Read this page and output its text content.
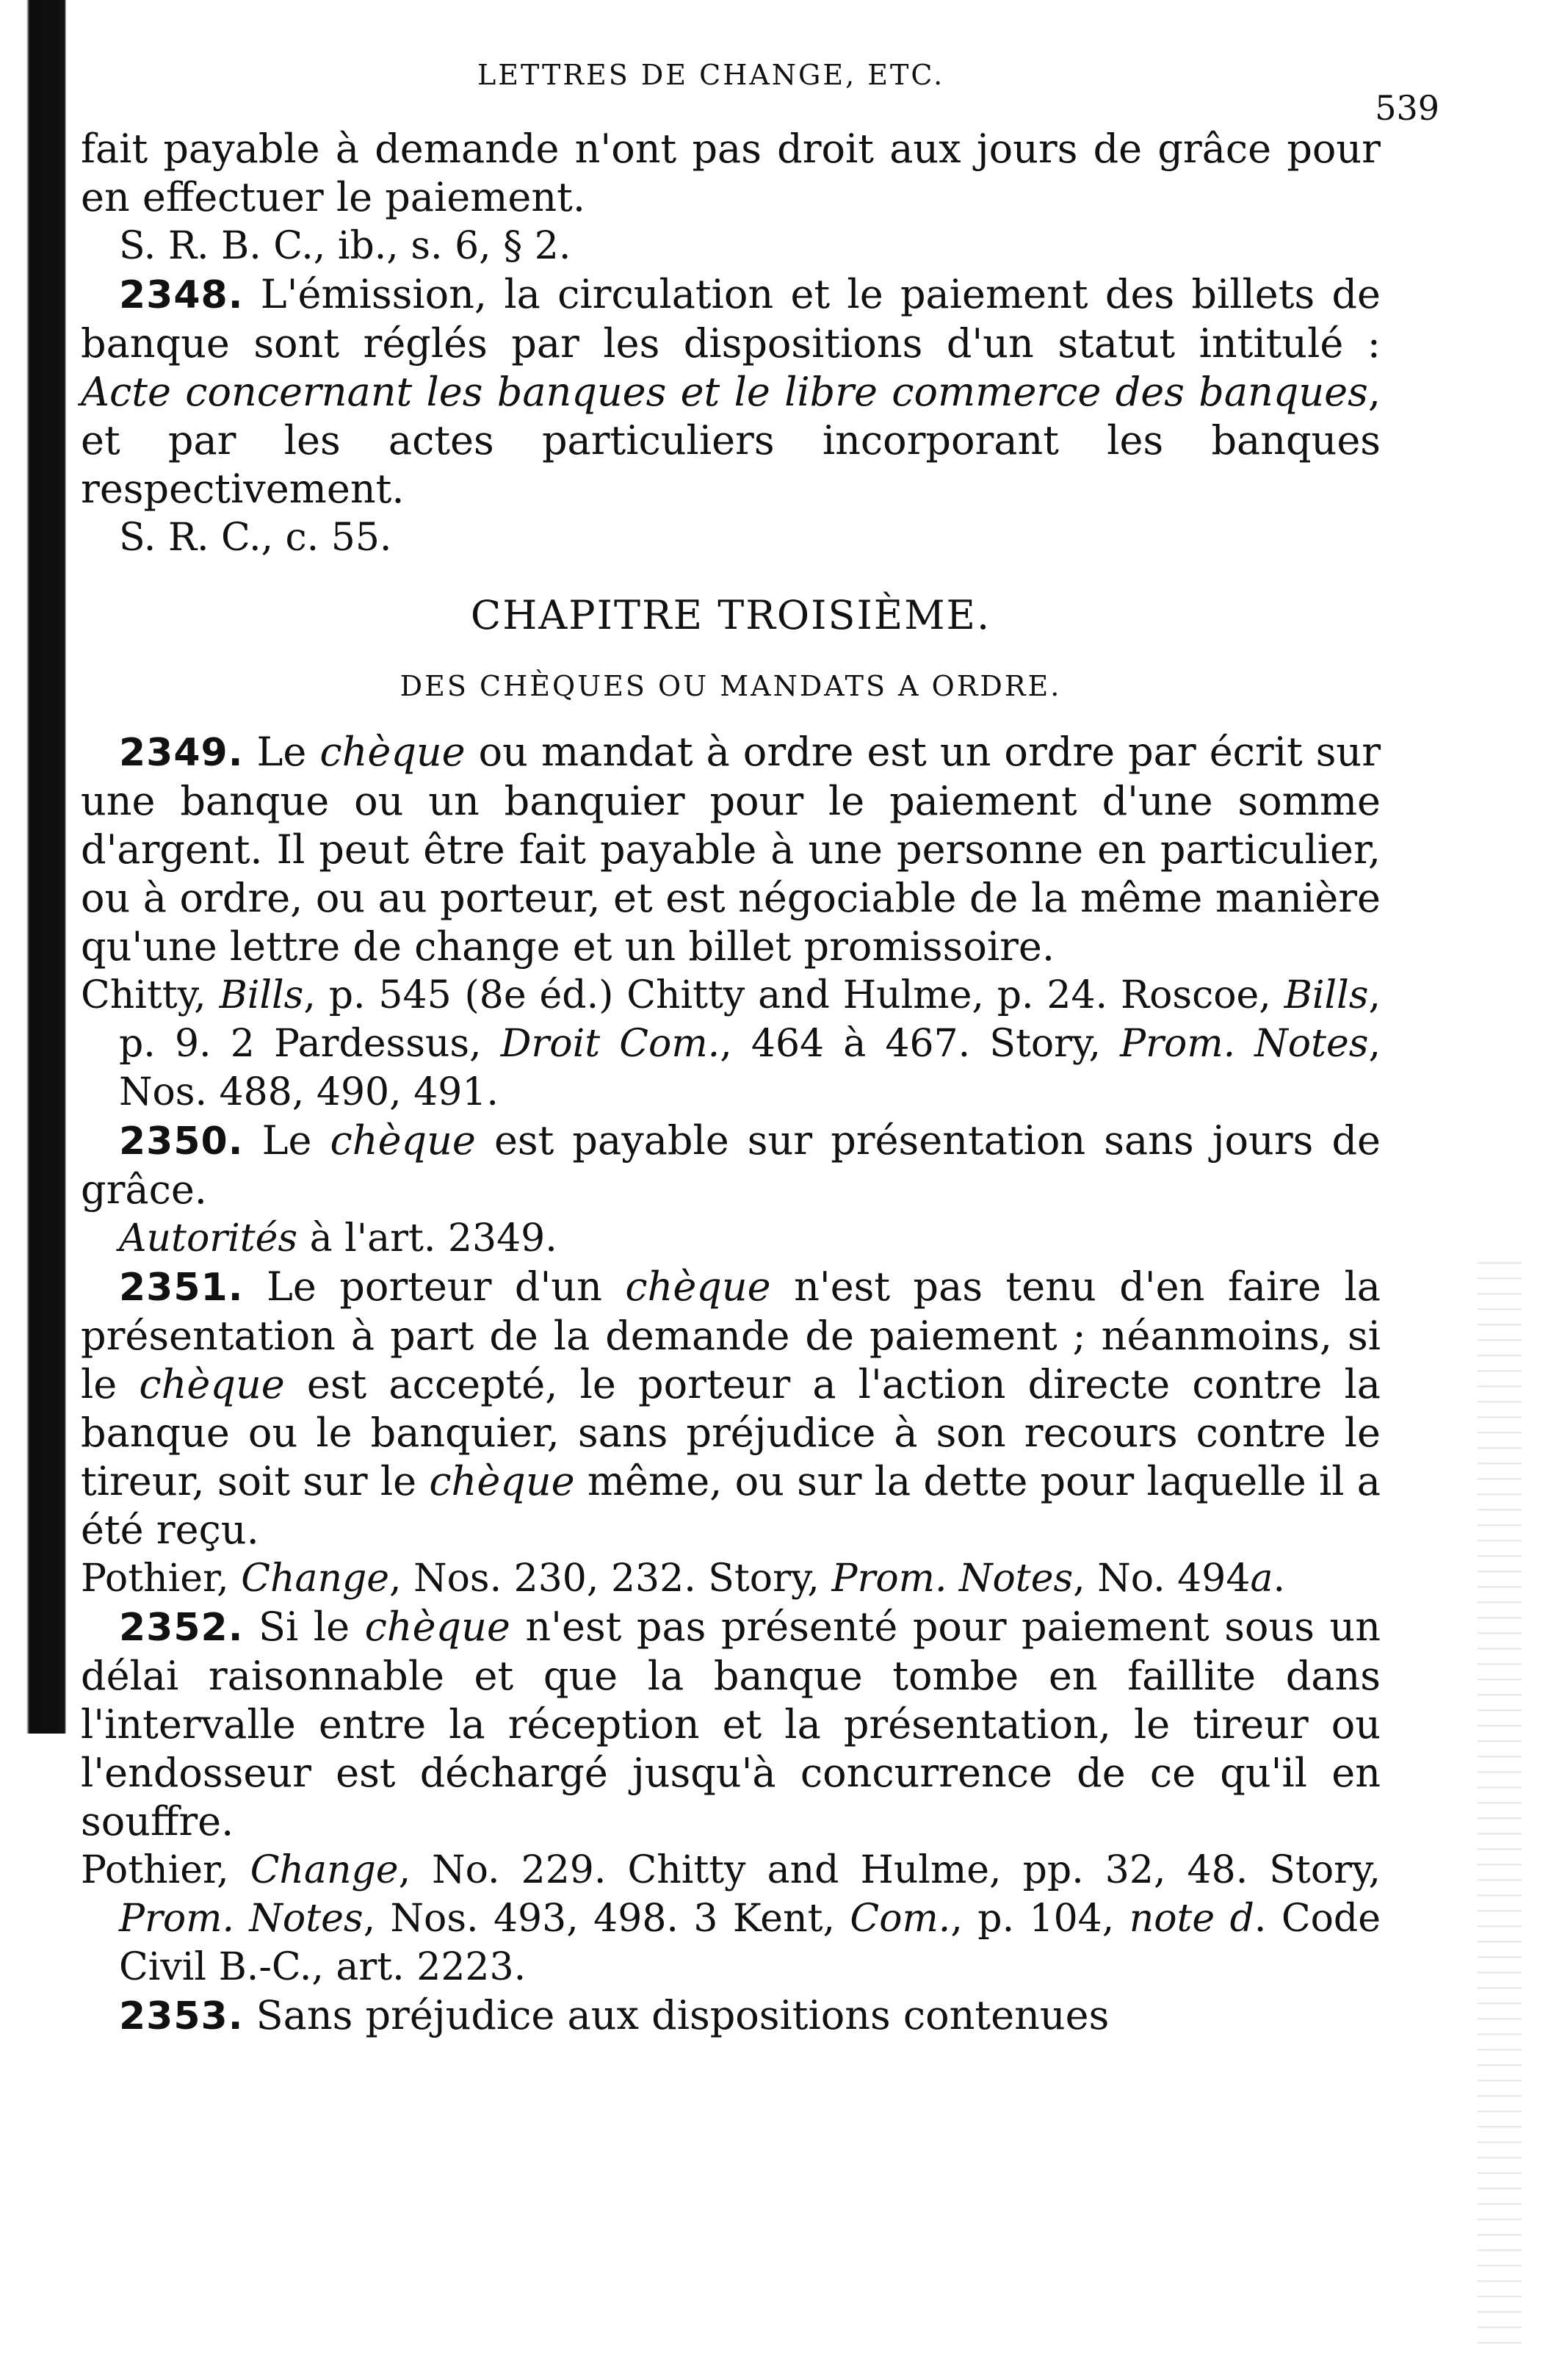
LETTRES DE CHANGE, ETC.
539

fait payable à demande n'ont pas droit aux jours de grâce pour en effectuer le paiement.

S. R. B. C., ib., s. 6, § 2.

2348. L'émission, la circulation et le paiement des billets de banque sont réglés par les dispositions d'un statut intitulé : Acte concernant les banques et le libre commerce des banques, et par les actes particuliers incorporant les banques respectivement.

S. R. C., c. 55.

CHAPITRE TROISIÈME.
DES CHÈQUES OU MANDATS A ORDRE.

2349. Le chèque ou mandat à ordre est un ordre par écrit sur une banque ou un banquier pour le paiement d'une somme d'argent. Il peut être fait payable à une personne en particulier, ou à ordre, ou au porteur, et est négociable de la même manière qu'une lettre de change et un billet promissoire.

Chitty, Bills, p. 545 (8e éd.) Chitty and Hulme, p. 24. Roscoe, Bills, p. 9. 2 Pardessus, Droit Com., 464 à 467. Story, Prom. Notes, Nos. 488, 490, 491.

2350. Le chèque est payable sur présentation sans jours de grâce.

Autorités à l'art. 2349.

2351. Le porteur d'un chèque n'est pas tenu d'en faire la présentation à part de la demande de paiement ; néanmoins, si le chèque est accepté, le porteur a l'action directe contre la banque ou le banquier, sans préjudice à son recours contre le tireur, soit sur le chèque même, ou sur la dette pour laquelle il a été reçu.

Pothier, Change, Nos. 230, 232. Story, Prom. Notes, No. 494a.

2352. Si le chèque n'est pas présenté pour paiement sous un délai raisonnable et que la banque tombe en faillite dans l'intervalle entre la réception et la présentation, le tireur ou l'endosseur est déchargé jusqu'à concurrence de ce qu'il en souffre.

Pothier, Change, No. 229. Chitty and Hulme, pp. 32, 48. Story, Prom. Notes, Nos. 493, 498. 3 Kent, Com., p. 104, note d. Code Civil B.-C., art. 2223.

2353. Sans préjudice aux dispositions contenues
